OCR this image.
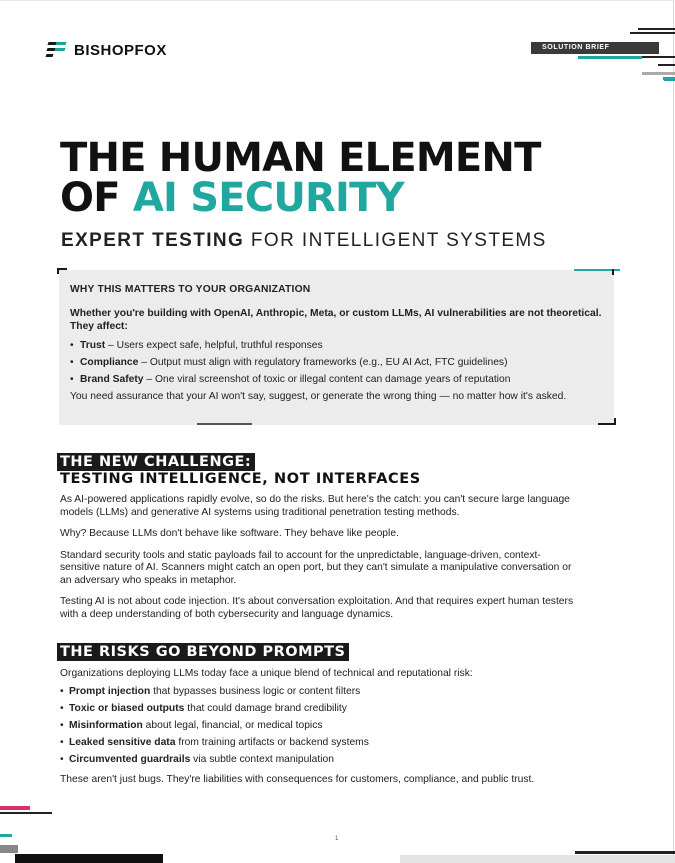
BISHOPFOX	SOLUTION BRIEF
THE HUMAN ELEMENT
OF AI SECURITY
EXPERT TESTING FOR INTELLIGENT SYSTEMS
WHY THIS MATTERS TO YOUR ORGANIZATION

Whether you're building with OpenAI, Anthropic, Meta, or custom LLMs, AI vulnerabilities are not theoretical. They affect:

• Trust – Users expect safe, helpful, truthful responses
• Compliance – Output must align with regulatory frameworks (e.g., EU AI Act, FTC guidelines)
• Brand Safety – One viral screenshot of toxic or illegal content can damage years of reputation

You need assurance that your AI won't say, suggest, or generate the wrong thing — no matter how it's asked.

THE NEW CHALLENGE:
TESTING INTELLIGENCE, NOT INTERFACES

As AI-powered applications rapidly evolve, so do the risks. But here's the catch: you can't secure large language models (LLMs) and generative AI systems using traditional penetration testing methods.

Why? Because LLMs don't behave like software. They behave like people.

Standard security tools and static payloads fail to account for the unpredictable, language-driven, context-sensitive nature of AI. Scanners might catch an open port, but they can't simulate a manipulative conversation or an adversary who speaks in metaphor.

Testing AI is not about code injection. It's about conversation exploitation. And that requires expert human testers with a deep understanding of both cybersecurity and language dynamics.

THE RISKS GO BEYOND PROMPTS

Organizations deploying LLMs today face a unique blend of technical and reputational risk:

• Prompt injection that bypasses business logic or content filters
• Toxic or biased outputs that could damage brand credibility
• Misinformation about legal, financial, or medical topics
• Leaked sensitive data from training artifacts or backend systems
• Circumvented guardrails via subtle context manipulation

These aren't just bugs. They're liabilities with consequences for customers, compliance, and public trust.

1
